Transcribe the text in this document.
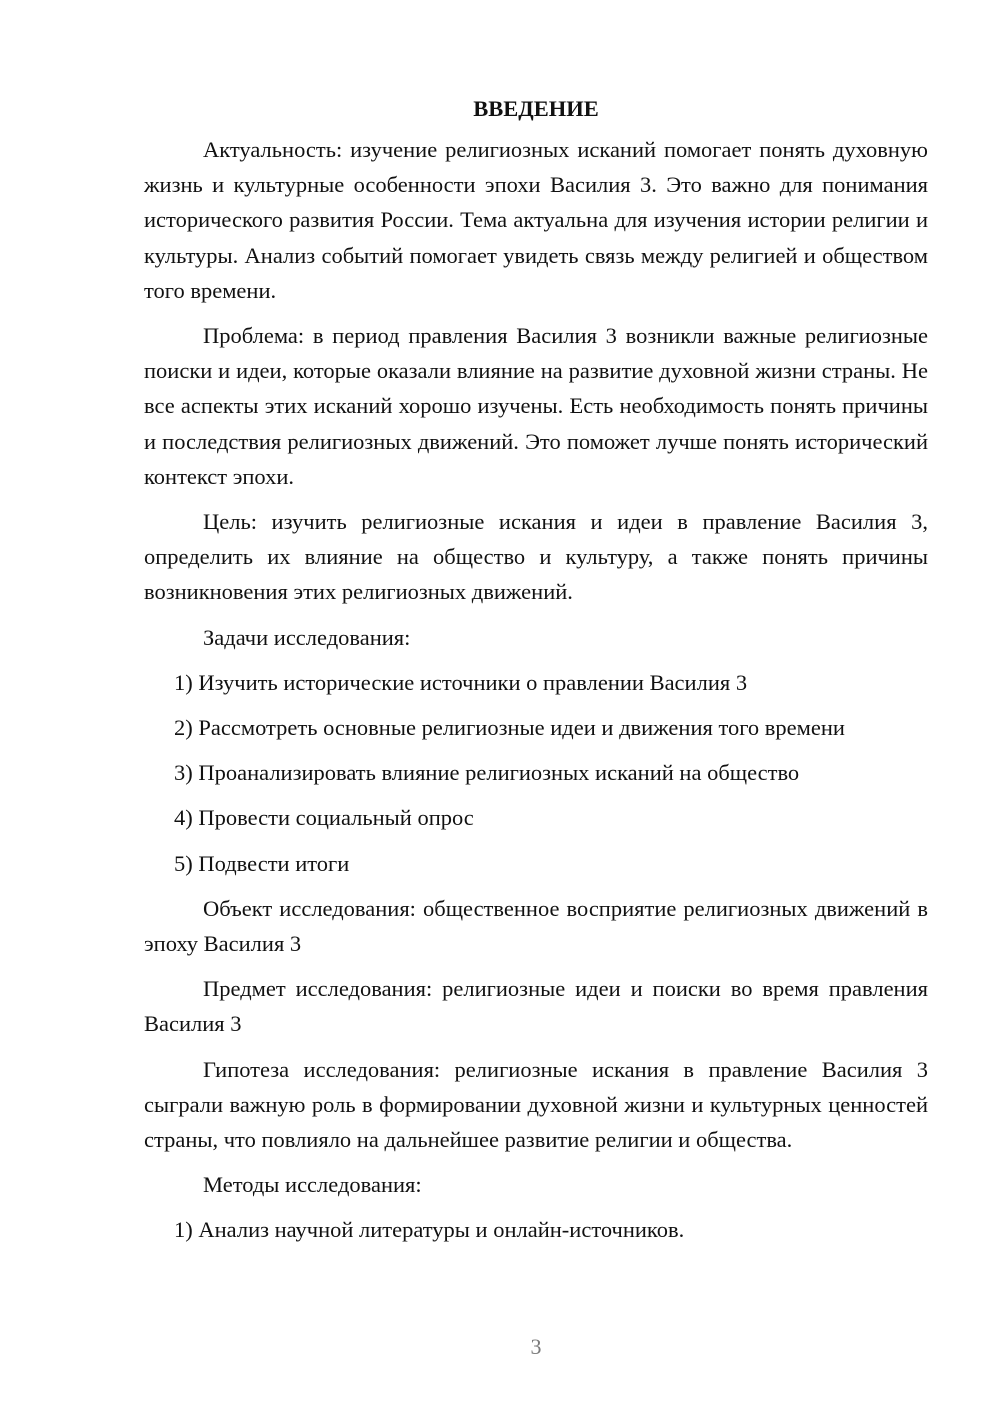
ВВЕДЕНИЕ

Актуальность: изучение религиозных исканий помогает понять духовную жизнь и культурные особенности эпохи Василия 3. Это важно для понимания исторического развития России. Тема актуальна для изучения истории религии и культуры. Анализ событий помогает увидеть связь между религией и обществом того времени.

Проблема: в период правления Василия 3 возникли важные религиозные поиски и идеи, которые оказали влияние на развитие духовной жизни страны. Не все аспекты этих исканий хорошо изучены. Есть необходимость понять причины и последствия религиозных движений. Это поможет лучше понять исторический контекст эпохи.

Цель: изучить религиозные искания и идеи в правление Василия 3, определить их влияние на общество и культуру, а также понять причины возникновения этих религиозных движений.

Задачи исследования:

1) Изучить исторические источники о правлении Василия 3
2) Рассмотреть основные религиозные идеи и движения того времени
3) Проанализировать влияние религиозных исканий на общество
4) Провести социальный опрос
5) Подвести итоги

Объект исследования: общественное восприятие религиозных движений в эпоху Василия 3

Предмет исследования: религиозные идеи и поиски во время правления Василия 3

Гипотеза исследования: религиозные искания в правление Василия 3 сыграли важную роль в формировании духовной жизни и культурных ценностей страны, что повлияло на дальнейшее развитие религии и общества.

Методы исследования:

1) Анализ научной литературы и онлайн-источников.
3
